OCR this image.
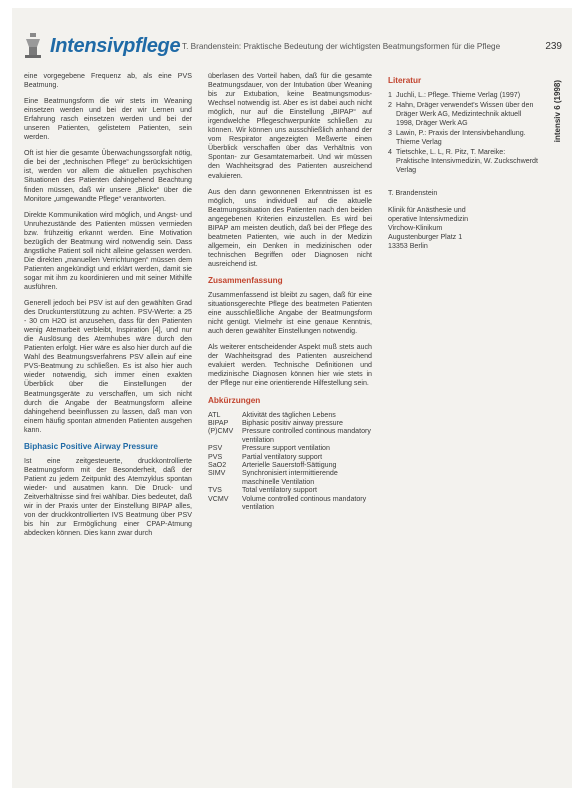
Intensivpflege T. Brandenstein: Praktische Bedeutung der wichtigsten Beatmungsformen für die Pflege	239
intensiv 6 (1998)

eine vorgegebene Frequenz ab, als eine PVS Beatmung.

Eine Beatmungsform die wir stets im Weaning einsetzen werden und bei der wir Lernen und Erfahrung rasch einsetzen werden und bei der unseren Patienten, gelistetem Patienten, sein werden.

Oft ist hier die gesamte Überwachungssorgfalt nötig, die bei der „technischen Pflege“ zu berücksichtigen ist, werden vor allem die aktuellen psychischen Situationen des Patienten dahingehend Beachtung finden müssen, daß wir unsere „Blicke“ über die Monitore „umgewandte Pflege“ verantworten.

Direkte Kommunikation wird möglich, und Angst- und Unruhezustände des Patienten müssen vermieden bzw. frühzeitig erkannt werden. Eine Motivation bezüglich der Beatmung wird notwendig sein. Dass ängstliche Patient soll nicht alleine gelassen werden. Die direkten „manuellen Verrichtungen“ müssen dem Patienten angekündigt und erklärt werden, damit sie sogar mit ihm zu koordinieren und mit seiner Mithilfe ausführen.

Generell jedoch bei PSV ist auf den gewählten Grad des Druckunterstützung zu achten. PSV-Werte: a 25 - 30 cm H2O ist anzusehen, dass für den Patienten wenig Atemarbeit verbleibt, Inspiration [4], und nur die Auslösung des Atemhubes wäre durch den Patienten erfolgt. Hier wäre es also hier durch auf die Wahl des Beatmungsverfahrens PSV allein auf eine PVS-Beatmung zu schließen. Es ist also hier auch wieder notwendig, sich immer einen exakten Überblick über die Einstellungen der Beatmungsgeräte zu verschaffen, um sich nicht durch die Angabe der Beatmungsform alleine dahingehend beeinflussen zu lassen, daß man von einem häufig spontan atmenden Patienten ausgehen kann.

Biphasic Positive Airway Pressure

Ist eine zeitgesteuerte, druckkontrollierte Beatmungsform mit der Besonderheit, daß der Patient zu jedem Zeitpunkt des Atemzyklus spontan wieder- und ausatmen kann. Die Druck- und Zeitverhältnisse sind frei wählbar. Dies bedeutet, daß wir in der Praxis unter der Einstellung BIPAP alles, von der druckkontrollierten IVS Beatmung über PSV bis hin zur Ermöglichung einer CPAP-Atmung abdecken können. Dies kann zwar durch

überlasen des Vorteil haben, daß für die gesamte Beatmungsdauer, von der Intubation über Weaning bis zur Extubation, keine Beatmungsmodus-Wechsel notwendig ist. Aber es ist dabei auch nicht möglich, nur auf die Einstellung „BIPAP“ auf irgendwelche Pflegeschwerpunkte schließen zu können. Wir können uns ausschließlich anhand der vom Respirator angezeigten Meßwerte einen Überblick verschaffen über das Verhältnis von Spontan- zur Gesamtatemarbeit. Und wir müssen den Wachheitsgrad des Patienten ausreichend evaluieren.

Aus den dann gewonnenen Erkenntnissen ist es möglich, uns individuell auf die aktuelle Beatmungssituation des Patienten nach den beiden angegebenen Kriterien einzustellen. Es wird bei BIPAP am meisten deutlich, daß bei der Pflege des beatmeten Patienten, wie auch in der Medizin allgemein, ein Denken in medizinischen oder technischen Begriffen oder Diagnosen nicht ausreichend ist.

Zusammenfassung

Zusammenfassend ist bleibt zu sagen, daß für eine situationsgerechte Pflege des beatmeten Patienten eine ausschließliche Angabe der Beatmungsform nicht genügt. Vielmehr ist eine genaue Kenntnis, auch deren gewählter Einstellungen notwendig.

Als weiterer entscheidender Aspekt muß stets auch der Wachheitsgrad des Patienten ausreichend evaluiert werden. Technische Definitionen und medizinische Diagnosen können hier wie stets in der Pflege nur eine orientierende Hilfestellung sein.

Abkürzungen
ATL	Aktivität des täglichen Lebens
BIPAP	Biphasic positiv airway pressure
(P)CMV	Pressure controlled continous mandatory ventilation
PSV	Pressure support ventilation
PVS	Partial ventilatory support
SaO2	Arterielle Sauerstoff-Sättigung
SIMV	Synchronisiert intermittierende maschinelle Ventilation
TVS	Total ventilatory support
VCMV	Volume controlled continous mandatory ventilation
Literatur
1 Juchli, L.: Pflege. Thieme Verlag (1997)
2 Hahn, Dräger verwendet's Wissen über den Dräger Werk AG, Medizintechnik aktuell 1998, Dräger Werk AG
3 Lawin, P.: Praxis der Intensivbehandlung. Thieme Verlag
4 Tietschke, L. L, R. Pitz, T. Mareike: Praktische Intensivmedizin, W. Zuckschwerdt Verlag

T. Brandenstein

Klinik für Anästhesie und
operative Intensivmedizin
Virchow-Klinikum
Augustenburger Platz 1
13353 Berlin
